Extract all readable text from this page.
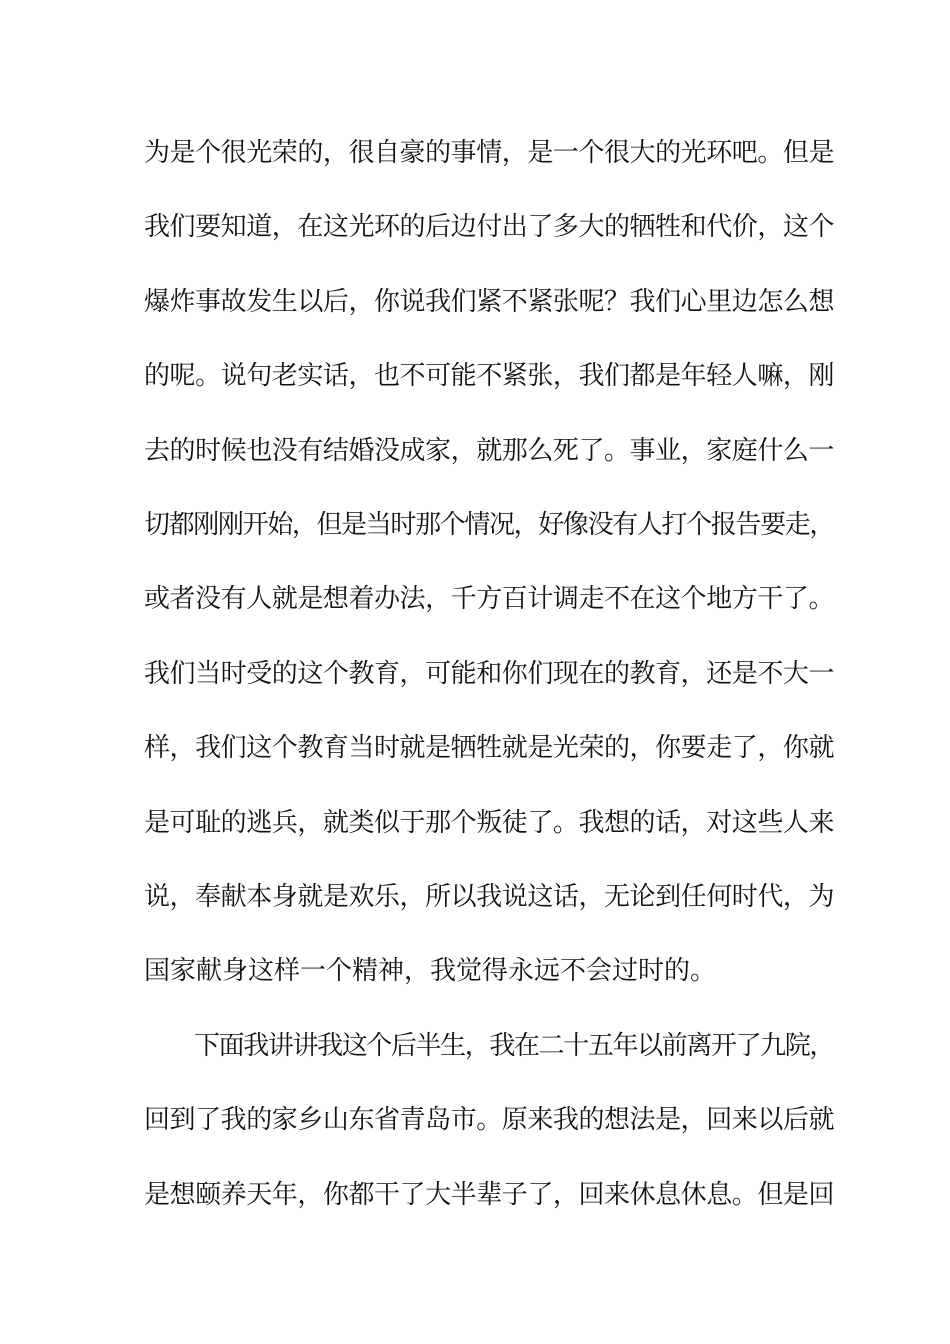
为是个很光荣的，很自豪的事情，是一个很大的光环吧。但是
我们要知道，在这光环的后边付出了多大的牺牲和代价，这个
爆炸事故发生以后，你说我们紧不紧张呢？我们心里边怎么想
的呢。说句老实话，也不可能不紧张，我们都是年轻人嘛，刚
去的时候也没有结婚没成家，就那么死了。事业，家庭什么一
切都刚刚开始，但是当时那个情况，好像没有人打个报告要走，
或者没有人就是想着办法，千方百计调走不在这个地方干了。
我们当时受的这个教育，可能和你们现在的教育，还是不大一
样，我们这个教育当时就是牺牲就是光荣的，你要走了，你就
是可耻的逃兵，就类似于那个叛徒了。我想的话，对这些人来
说，奉献本身就是欢乐，所以我说这话，无论到任何时代，为
国家献身这样一个精神，我觉得永远不会过时的。
下面我讲讲我这个后半生，我在二十五年以前离开了九院，
回到了我的家乡山东省青岛市。原来我的想法是，回来以后就
是想颐养天年，你都干了大半辈子了，回来休息休息。但是回
